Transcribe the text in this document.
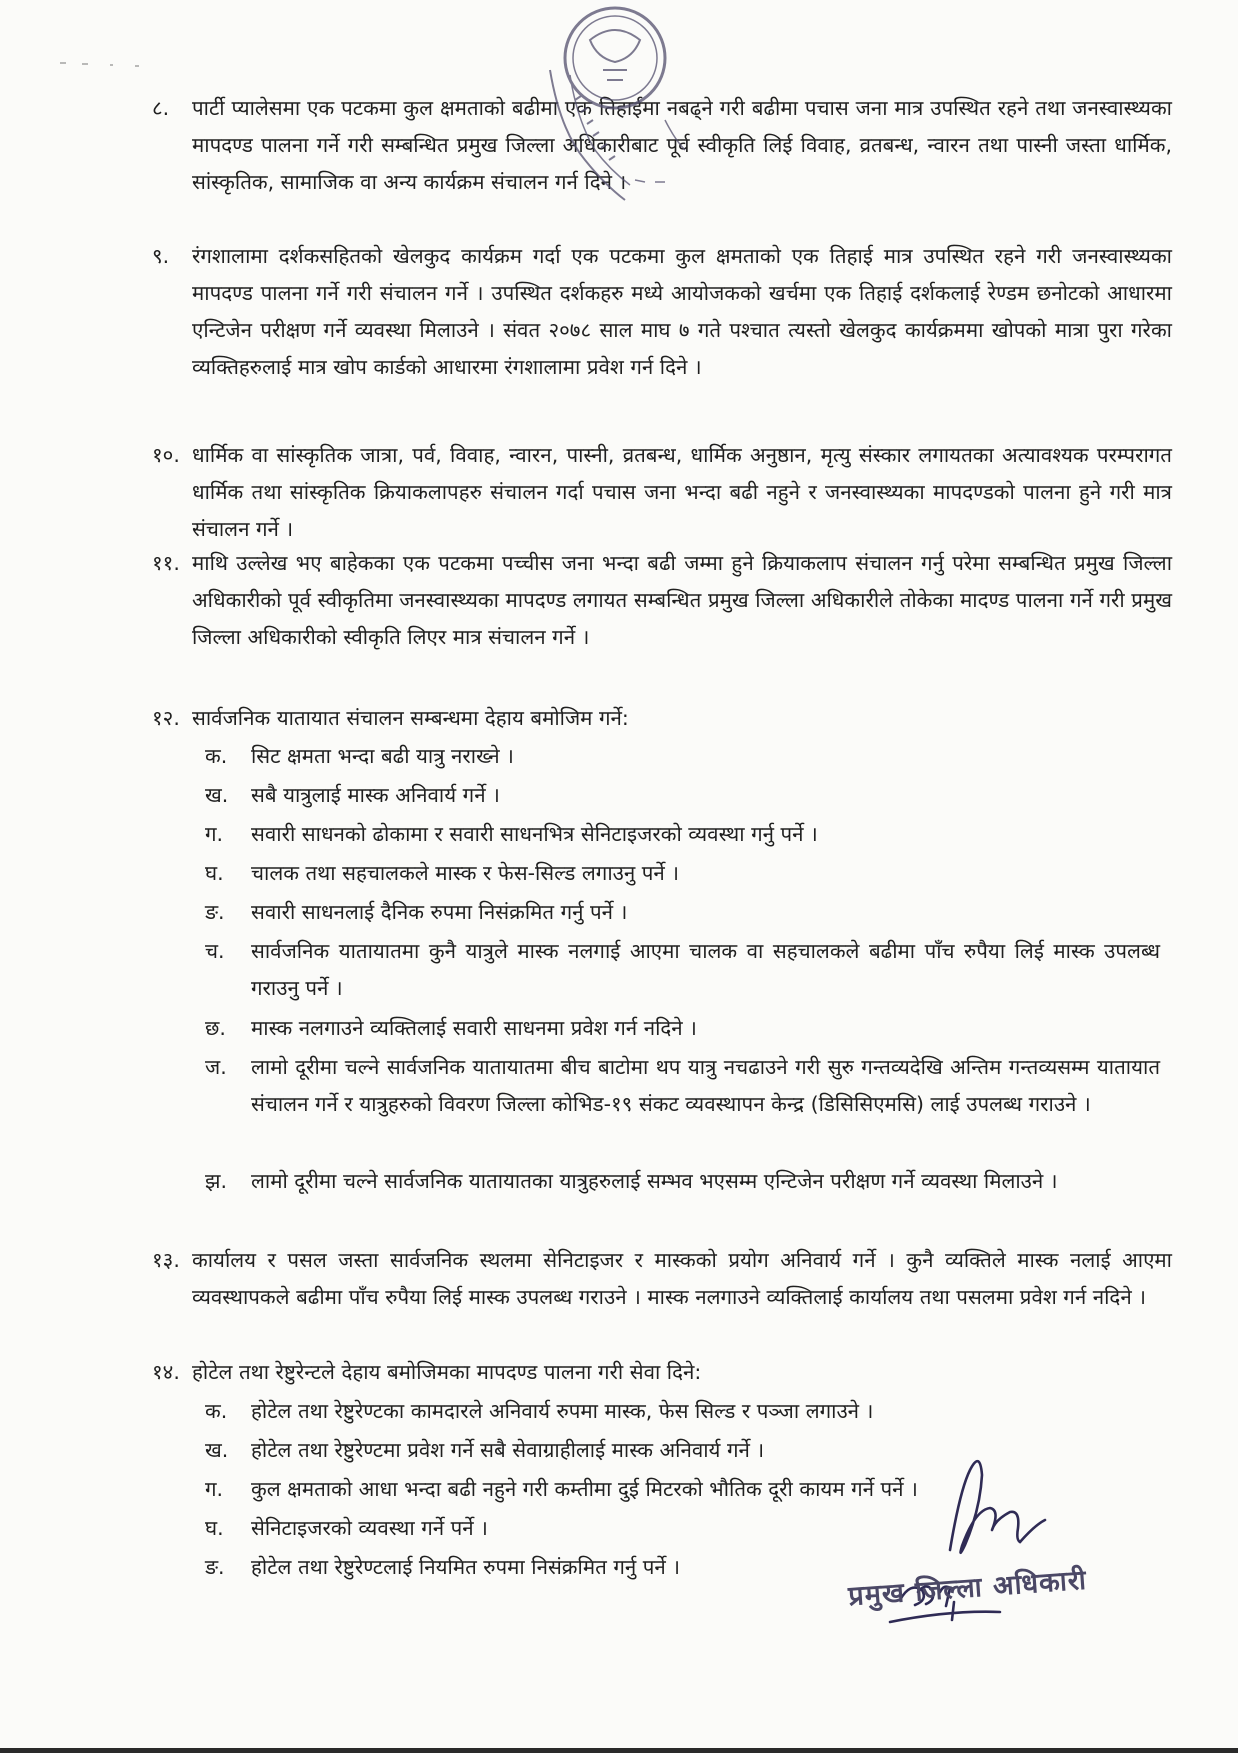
८. पार्टी प्यालेसमा एक पटकमा कुल क्षमताको बढीमा एक तिहाईमा नबढ्ने गरी बढीमा पचास जना मात्र उपस्थित रहने तथा जनस्वास्थ्यका मापदण्ड पालना गर्ने गरी सम्बन्धित प्रमुख जिल्ला अधिकारीबाट पूर्व स्वीकृति लिई विवाह, व्रतबन्ध, न्वारन तथा पास्नी जस्ता धार्मिक, सांस्कृतिक, सामाजिक वा अन्य कार्यक्रम संचालन गर्न दिने ।
९. रंगशालामा दर्शकसहितको खेलकुद कार्यक्रम गर्दा एक पटकमा कुल क्षमताको एक तिहाई मात्र उपस्थित रहने गरी जनस्वास्थ्यका मापदण्ड पालना गर्ने गरी संचालन गर्ने । उपस्थित दर्शकहरु मध्ये आयोजकको खर्चमा एक तिहाई दर्शकलाई रेण्डम छनोटको आधारमा एन्टिजेन परीक्षण गर्ने व्यवस्था मिलाउने । संवत २०७८ साल माघ ७ गते पश्चात त्यस्तो खेलकुद कार्यक्रममा खोपको मात्रा पुरा गरेका व्यक्तिहरुलाई मात्र खोप कार्डको आधारमा रंगशालामा प्रवेश गर्न दिने ।
१०. धार्मिक वा सांस्कृतिक जात्रा, पर्व, विवाह, न्वारन, पास्नी, व्रतबन्ध, धार्मिक अनुष्ठान, मृत्यु संस्कार लगायतका अत्यावश्यक परम्परागत धार्मिक तथा सांस्कृतिक क्रियाकलापहरु संचालन गर्दा पचास जना भन्दा बढी नहुने र जनस्वास्थ्यका मापदण्डको पालना हुने गरी मात्र संचालन गर्ने ।
११. माथि उल्लेख भए बाहेकका एक पटकमा पच्चीस जना भन्दा बढी जम्मा हुने क्रियाकलाप संचालन गर्नु परेमा सम्बन्धित प्रमुख जिल्ला अधिकारीको पूर्व स्वीकृतिमा जनस्वास्थ्यका मापदण्ड लगायत सम्बन्धित प्रमुख जिल्ला अधिकारीले तोकेका मादण्ड पालना गर्ने गरी प्रमुख जिल्ला अधिकारीको स्वीकृति लिएर मात्र संचालन गर्ने ।
१२. सार्वजनिक यातायात संचालन सम्बन्धमा देहाय बमोजिम गर्ने:
क. सिट क्षमता भन्दा बढी यात्रु नराख्ने ।
ख. सबै यात्रुलाई मास्क अनिवार्य गर्ने ।
ग. सवारी साधनको ढोकामा र सवारी साधनभित्र सेनिटाइजरको व्यवस्था गर्नु पर्ने ।
घ. चालक तथा सहचालकले मास्क र फेस-सिल्ड लगाउनु पर्ने ।
ङ. सवारी साधनलाई दैनिक रुपमा निसंक्रमित गर्नु पर्ने ।
च. सार्वजनिक यातायातमा कुनै यात्रुले मास्क नलगाई आएमा चालक वा सहचालकले बढीमा पाँच रुपैया लिई मास्क उपलब्ध गराउनु पर्ने ।
छ. मास्क नलगाउने व्यक्तिलाई सवारी साधनमा प्रवेश गर्न नदिने ।
ज. लामो दूरीमा चल्ने सार्वजनिक यातायातमा बीच बाटोमा थप यात्रु नचढाउने गरी सुरु गन्तव्यदेखि अन्तिम गन्तव्यसम्म यातायात संचालन गर्ने र यात्रुहरुको विवरण जिल्ला कोभिड-१९ संकट व्यवस्थापन केन्द्र (डिसिसिएमसि) लाई उपलब्ध गराउने ।
झ. लामो दूरीमा चल्ने सार्वजनिक यातायातका यात्रुहरुलाई सम्भव भएसम्म एन्टिजेन परीक्षण गर्ने व्यवस्था मिलाउने ।
१३. कार्यालय र पसल जस्ता सार्वजनिक स्थलमा सेनिटाइजर र मास्कको प्रयोग अनिवार्य गर्ने । कुनै व्यक्तिले मास्क नलाई आएमा व्यवस्थापकले बढीमा पाँच रुपैया लिई मास्क उपलब्ध गराउने । मास्क नलगाउने व्यक्तिलाई कार्यालय तथा पसलमा प्रवेश गर्न नदिने ।
१४. होटेल तथा रेष्टुरेन्टले देहाय बमोजिमका मापदण्ड पालना गरी सेवा दिने:
क. होटेल तथा रेष्टुरेण्टका कामदारले अनिवार्य रुपमा मास्क, फेस सिल्ड र पञ्जा लगाउने ।
ख. होटेल तथा रेष्टुरेण्टमा प्रवेश गर्ने सबै सेवाग्राहीलाई मास्क अनिवार्य गर्ने ।
ग. कुल क्षमताको आधा भन्दा बढी नहुने गरी कम्तीमा दुई मिटरको भौतिक दूरी कायम गर्ने पर्ने ।
घ. सेनिटाइजरको व्यवस्था गर्ने पर्ने ।
ङ. होटेल तथा रेष्टुरेण्टलाई नियमित रुपमा निसंक्रमित गर्नु पर्ने ।	प्रमुख जिल्ला अधिकारी
